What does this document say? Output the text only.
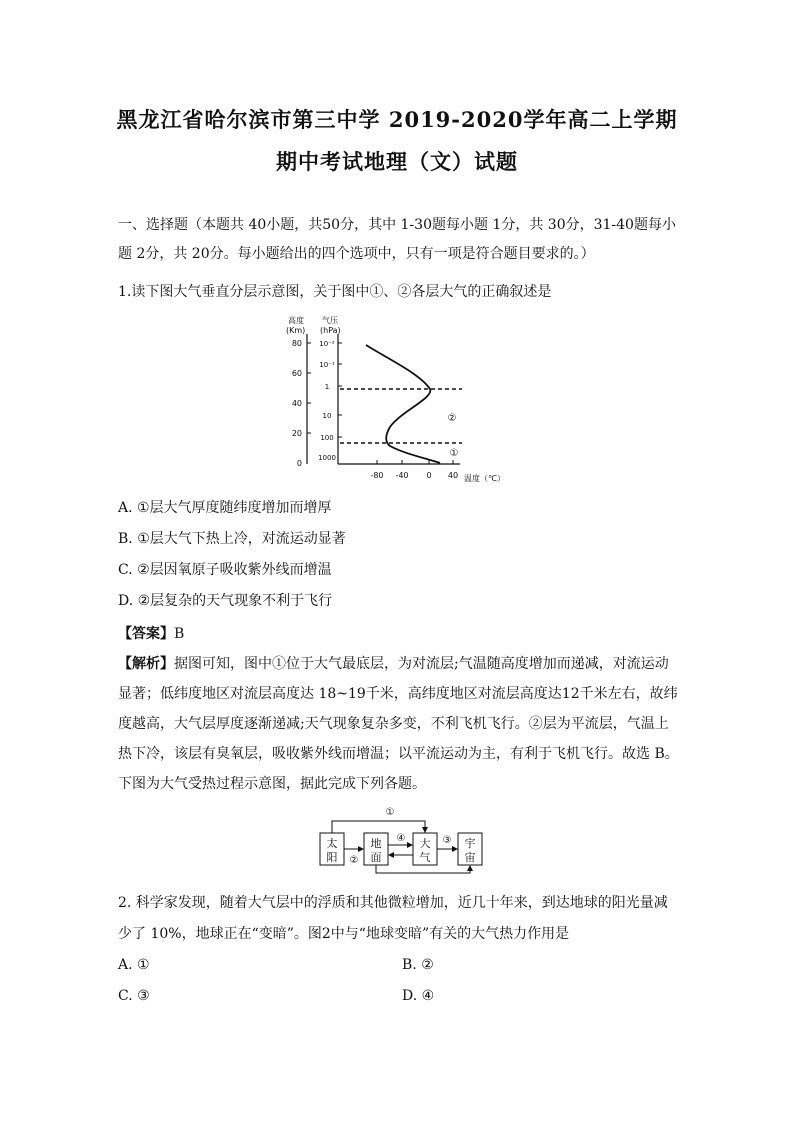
黑龙江省哈尔滨市第三中学 2019-2020学年高二上学期
期中考试地理（文）试题
一、选择题（本题共 40小题，共50分，其中 1-30题每小题 1分，共 30分，31-40题每小
题 2分，共 20分。每小题给出的四个选项中，只有一项是符合题目要求的。）
1.读下图大气垂直分层示意图，关于图中①、②各层大气的正确叙述是
高度
(Km)
气压
(hPa)
80
60
40
20
0
10⁻²
10⁻¹
1
10
100
1000
-80 -40 0 40 温度（℃）
②
①
A. ①层大气厚度随纬度增加而增厚
B. ①层大气下热上冷，对流运动显著
C. ②层因氧原子吸收紫外线而增温
D. ②层复杂的天气现象不利于飞行
【答案】B
【解析】据图可知，图中①位于大气最底层，为对流层;气温随高度增加而递减，对流运动
显著；低纬度地区对流层高度达 18~19千米，高纬度地区对流层高度达12千米左右，故纬
度越高，大气层厚度逐渐递减;天气现象复杂多变，不利飞机飞行。②层为平流层，气温上
热下冷，该层有臭氧层，吸收紫外线而增温；以平流运动为主，有利于飞机飞行。故选 B。
下图为大气受热过程示意图，据此完成下列各题。
太
阳
地
面
大
气
宇
宙
①
②
③
④
2. 科学家发现，随着大气层中的浮质和其他微粒增加，近几十年来，到达地球的阳光量减
少了 10%，地球正在“变暗”。图2中与“地球变暗”有关的大气热力作用是
A. ①	B. ②
C. ③	D. ④
